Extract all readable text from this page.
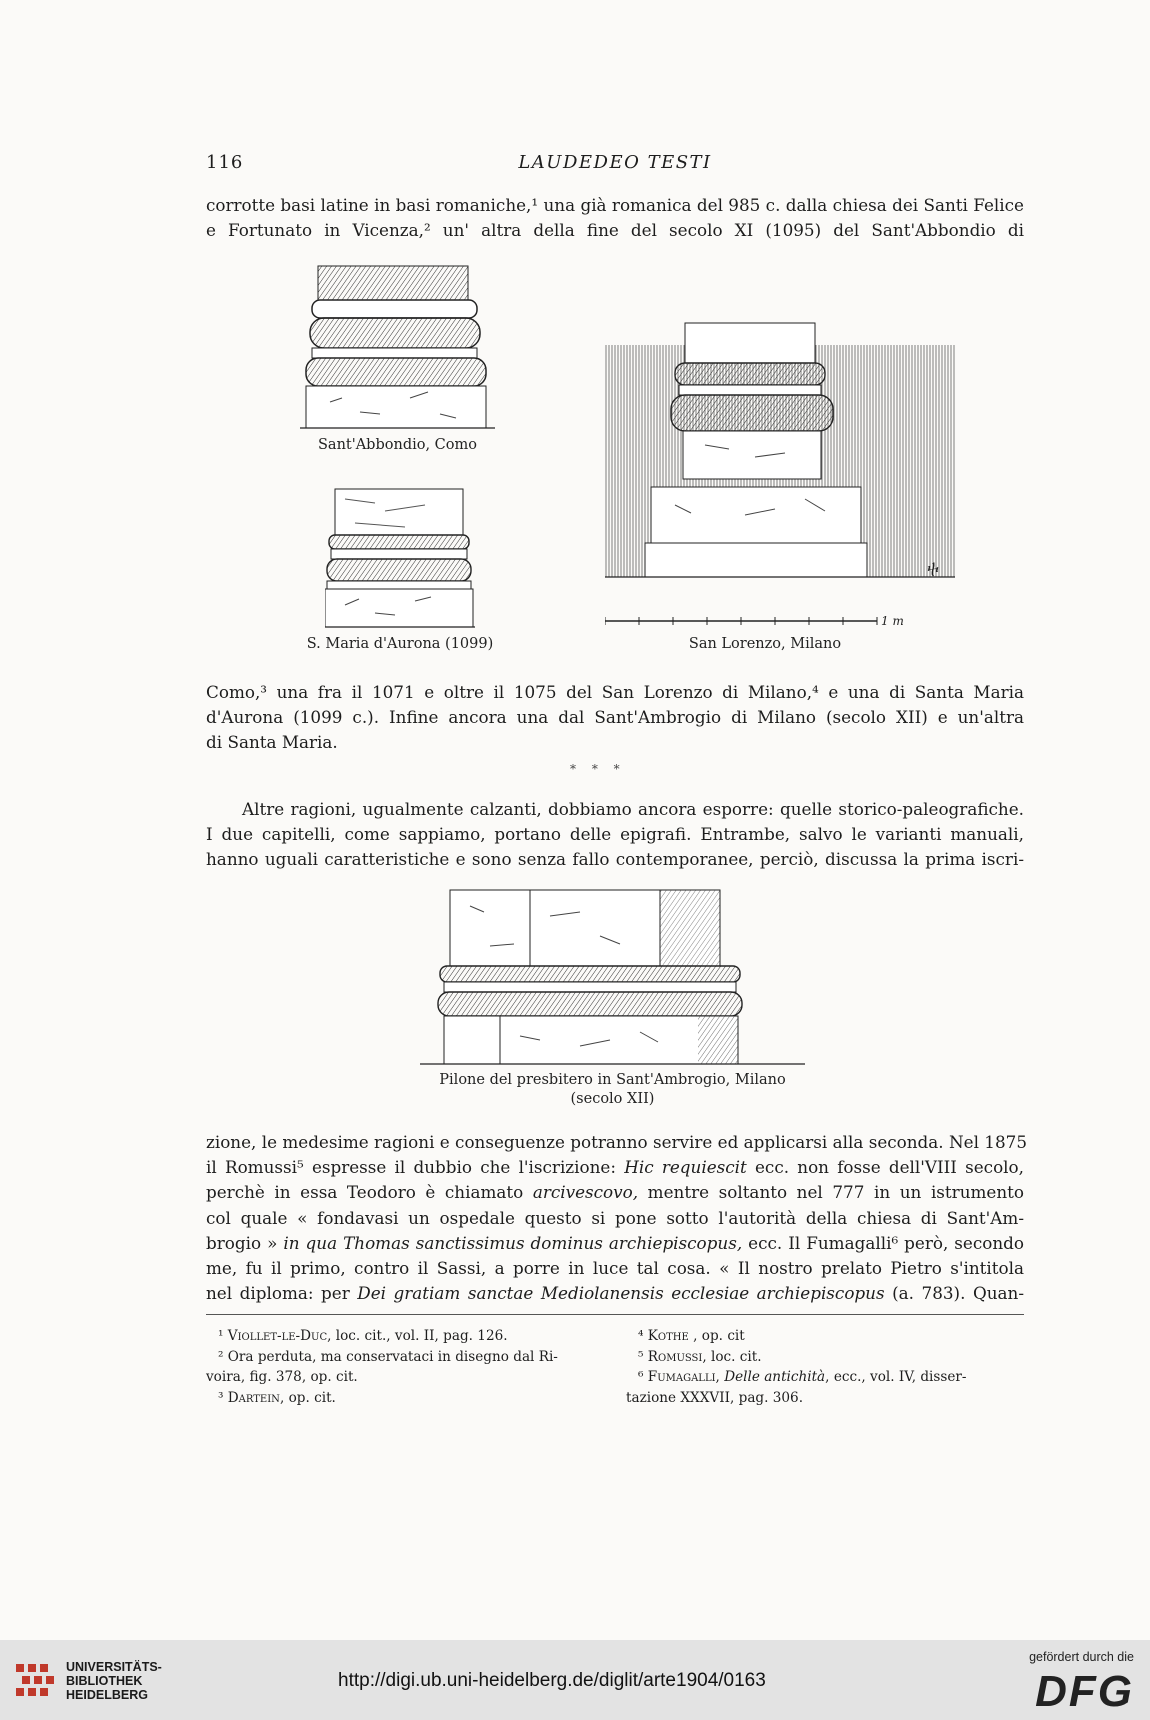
116	LAUDEDEO TESTI
corrotte basi latine in basi romaniche,¹ una già romanica del 985 c. dalla chiesa dei Santi Felice
e Fortunato in Vicenza,² un' altra della fine del secolo XI (1095) del Sant'Abbondio di
Sant'Abbondio, Como
S. Maria d'Aurona (1099)
ⴕ
1 m
San Lorenzo, Milano
Como,³ una fra il 1071 e oltre il 1075 del San Lorenzo di Milano,⁴ e una di Santa Maria
d'Aurona (1099 c.). Infine ancora una dal Sant'Ambrogio di Milano (secolo XII) e un'altra
di Santa Maria.
* * *
Altre ragioni, ugualmente calzanti, dobbiamo ancora esporre: quelle storico-paleografiche.
I due capitelli, come sappiamo, portano delle epigrafi. Entrambe, salvo le varianti manuali,
hanno uguali caratteristiche e sono senza fallo contemporanee, perciò, discussa la prima iscri-
Pilone del presbitero in Sant'Ambrogio, Milano
(secolo XII)
zione, le medesime ragioni e conseguenze potranno servire ed applicarsi alla seconda. Nel 1875
il Romussi⁵ espresse il dubbio che l'iscrizione: Hic requiescit ecc. non fosse dell'VIII secolo,
perchè in essa Teodoro è chiamato arcivescovo, mentre soltanto nel 777 in un istrumento
col quale « fondavasi un ospedale questo si pone sotto l'autorità della chiesa di Sant'Am-
brogio » in qua Thomas sanctissimus dominus archiepiscopus, ecc. Il Fumagalli⁶ però, secondo
me, fu il primo, contro il Sassi, a porre in luce tal cosa. « Il nostro prelato Pietro s'intitola
nel diploma: per Dei gratiam sanctae Mediolanensis ecclesiae archiepiscopus (a. 783). Quan-
¹ Viollet-le-Duc, loc. cit., vol. II, pag. 126.
² Ora perduta, ma conservataci in disegno dal Ri-
voira, fig. 378, op. cit.
³ Dartein, op. cit.
⁴ Kothe , op. cit
⁵ Romussi, loc. cit.
⁶ Fumagalli, Delle antichità, ecc., vol. IV, disser-
tazione XXXVII, pag. 306.
UNIVERSITÄTS-
BIBLIOTHEK
HEIDELBERG
http://digi.ub.uni-heidelberg.de/diglit/arte1904/0163
gefördert durch die
DFG
